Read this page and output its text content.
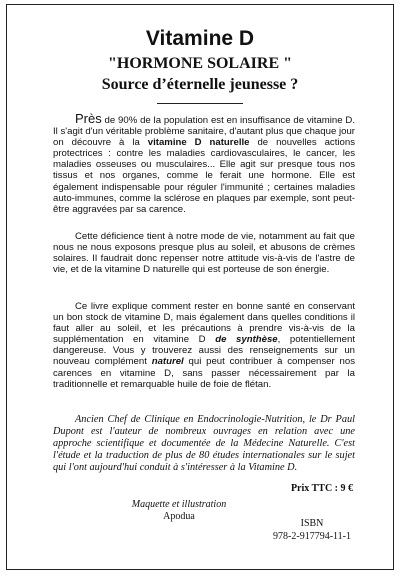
Vitamine D
"HORMONE SOLAIRE "
Source d’éternelle jeunesse ?
Près de 90% de la population est en insuffisance de vitamine D. Il s'agit d'un véritable problème sanitaire, d'autant plus que chaque jour on découvre à la vitamine D naturelle de nouvelles actions protectrices : contre les maladies cardiovasculaires, le cancer, les maladies osseuses ou musculaires... Elle agit sur presque tous nos tissus et nos organes, comme le ferait une hormone. Elle est également indispensable pour réguler l'immunité ; certaines maladies auto-immunes, comme la sclérose en plaques par exemple, sont peut-être aggravées par sa carence.
Cette déficience tient à notre mode de vie, notamment au fait que nous ne nous exposons presque plus au soleil, et abusons de crèmes solaires. Il faudrait donc repenser notre attitude vis-à-vis de l'astre de vie, et de la vitamine D naturelle qui est porteuse de son énergie.
Ce livre explique comment rester en bonne santé en conservant un bon stock de vitamine D, mais également dans quelles conditions il faut aller au soleil, et les précautions à prendre vis-à-vis de la supplémentation en vitamine D de synthèse, potentiellement dangereuse. Vous y trouverez aussi des renseignements sur un nouveau complément naturel qui peut contribuer à compenser nos carences en vitamine D, sans passer nécessairement par la traditionnelle et remarquable huile de foie de flétan.
Ancien Chef de Clinique en Endocrinologie-Nutrition, le Dr Paul Dupont est l'auteur de nombreux ouvrages en relation avec une approche scientifique et documentée de la Médecine Naturelle. C'est l'étude et la traduction de plus de 80 études internationales sur le sujet qui l'ont aujourd'hui conduit à s'intéresser à la Vitamine D.
Prix TTC : 9 €
Maquette et illustration
Apodua
ISBN
978-2-917794-11-1
